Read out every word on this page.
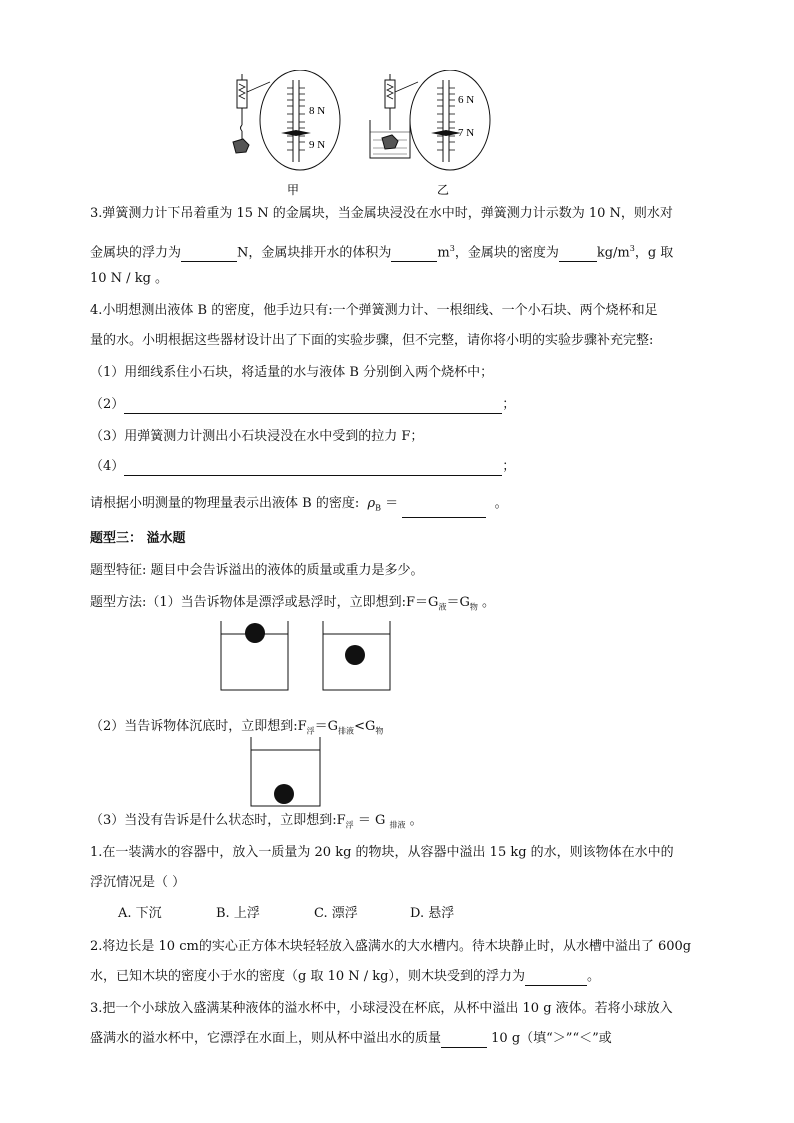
8 N
9 N
甲
6 N
7 N
乙
3.弹簧测力计下吊着重为 15 N 的金属块，当金属块浸没在水中时，弹簧测力计示数为 10 N，则水对
金属块的浮力为	N，金属块排开水的体积为	$m^3$，金属块的密度为	$kg/m^3$，g 取
10 N / kg 。
4.小明想测出液体 B 的密度，他手边只有:一个弹簧测力计、一根细线、一个小石块、两个烧杯和足
量的水。小明根据这些器材设计出了下面的实验步骤，但不完整，请你将小明的实验步骤补充完整:
（1）用细线系住小石块，将适量的水与液体 B 分别倒入两个烧杯中；
（2）	；
（3）用弹簧测力计测出小石块浸没在水中受到的拉力 F；
（4）	；
请根据小明测量的物理量表示出液体 B 的密度: $\rho_B$ ＝	。
题型三： 溢水题
题型特征: 题目中会告诉溢出的液体的质量或重力是多少。
题型方法:（1）当告诉物体是漂浮或悬浮时，立即想到$:F=G_液=G_物$ 。
（2）当告诉物体沉底时，立即想到$:F_浮=G_{排液}<G_物$
（3）当没有告诉是什么状态时，立即想到$:F_浮 = G$ $_{排液}$ 。
1.在一装满水的容器中，放入一质量为 20 kg 的物块，从容器中溢出 15 kg 的水，则该物体在水中的
浮沉情况是（ ）
A. 下沉	B. 上浮	C. 漂浮	D. 悬浮
2.将边长是 10 cm的实心正方体木块轻轻放入盛满水的大水槽内。待木块静止时，从水槽中溢出了 600g
水，已知木块的密度小于水的密度（g 取 10 N / kg），则木块受到的浮力为	。
3.把一个小球放入盛满某种液体的溢水杯中，小球浸没在杯底，从杯中溢出 10 g 液体。若将小球放入
盛满水的溢水杯中，它漂浮在水面上，则从杯中溢出水的质量	10 g（填“＞”“＜”或
